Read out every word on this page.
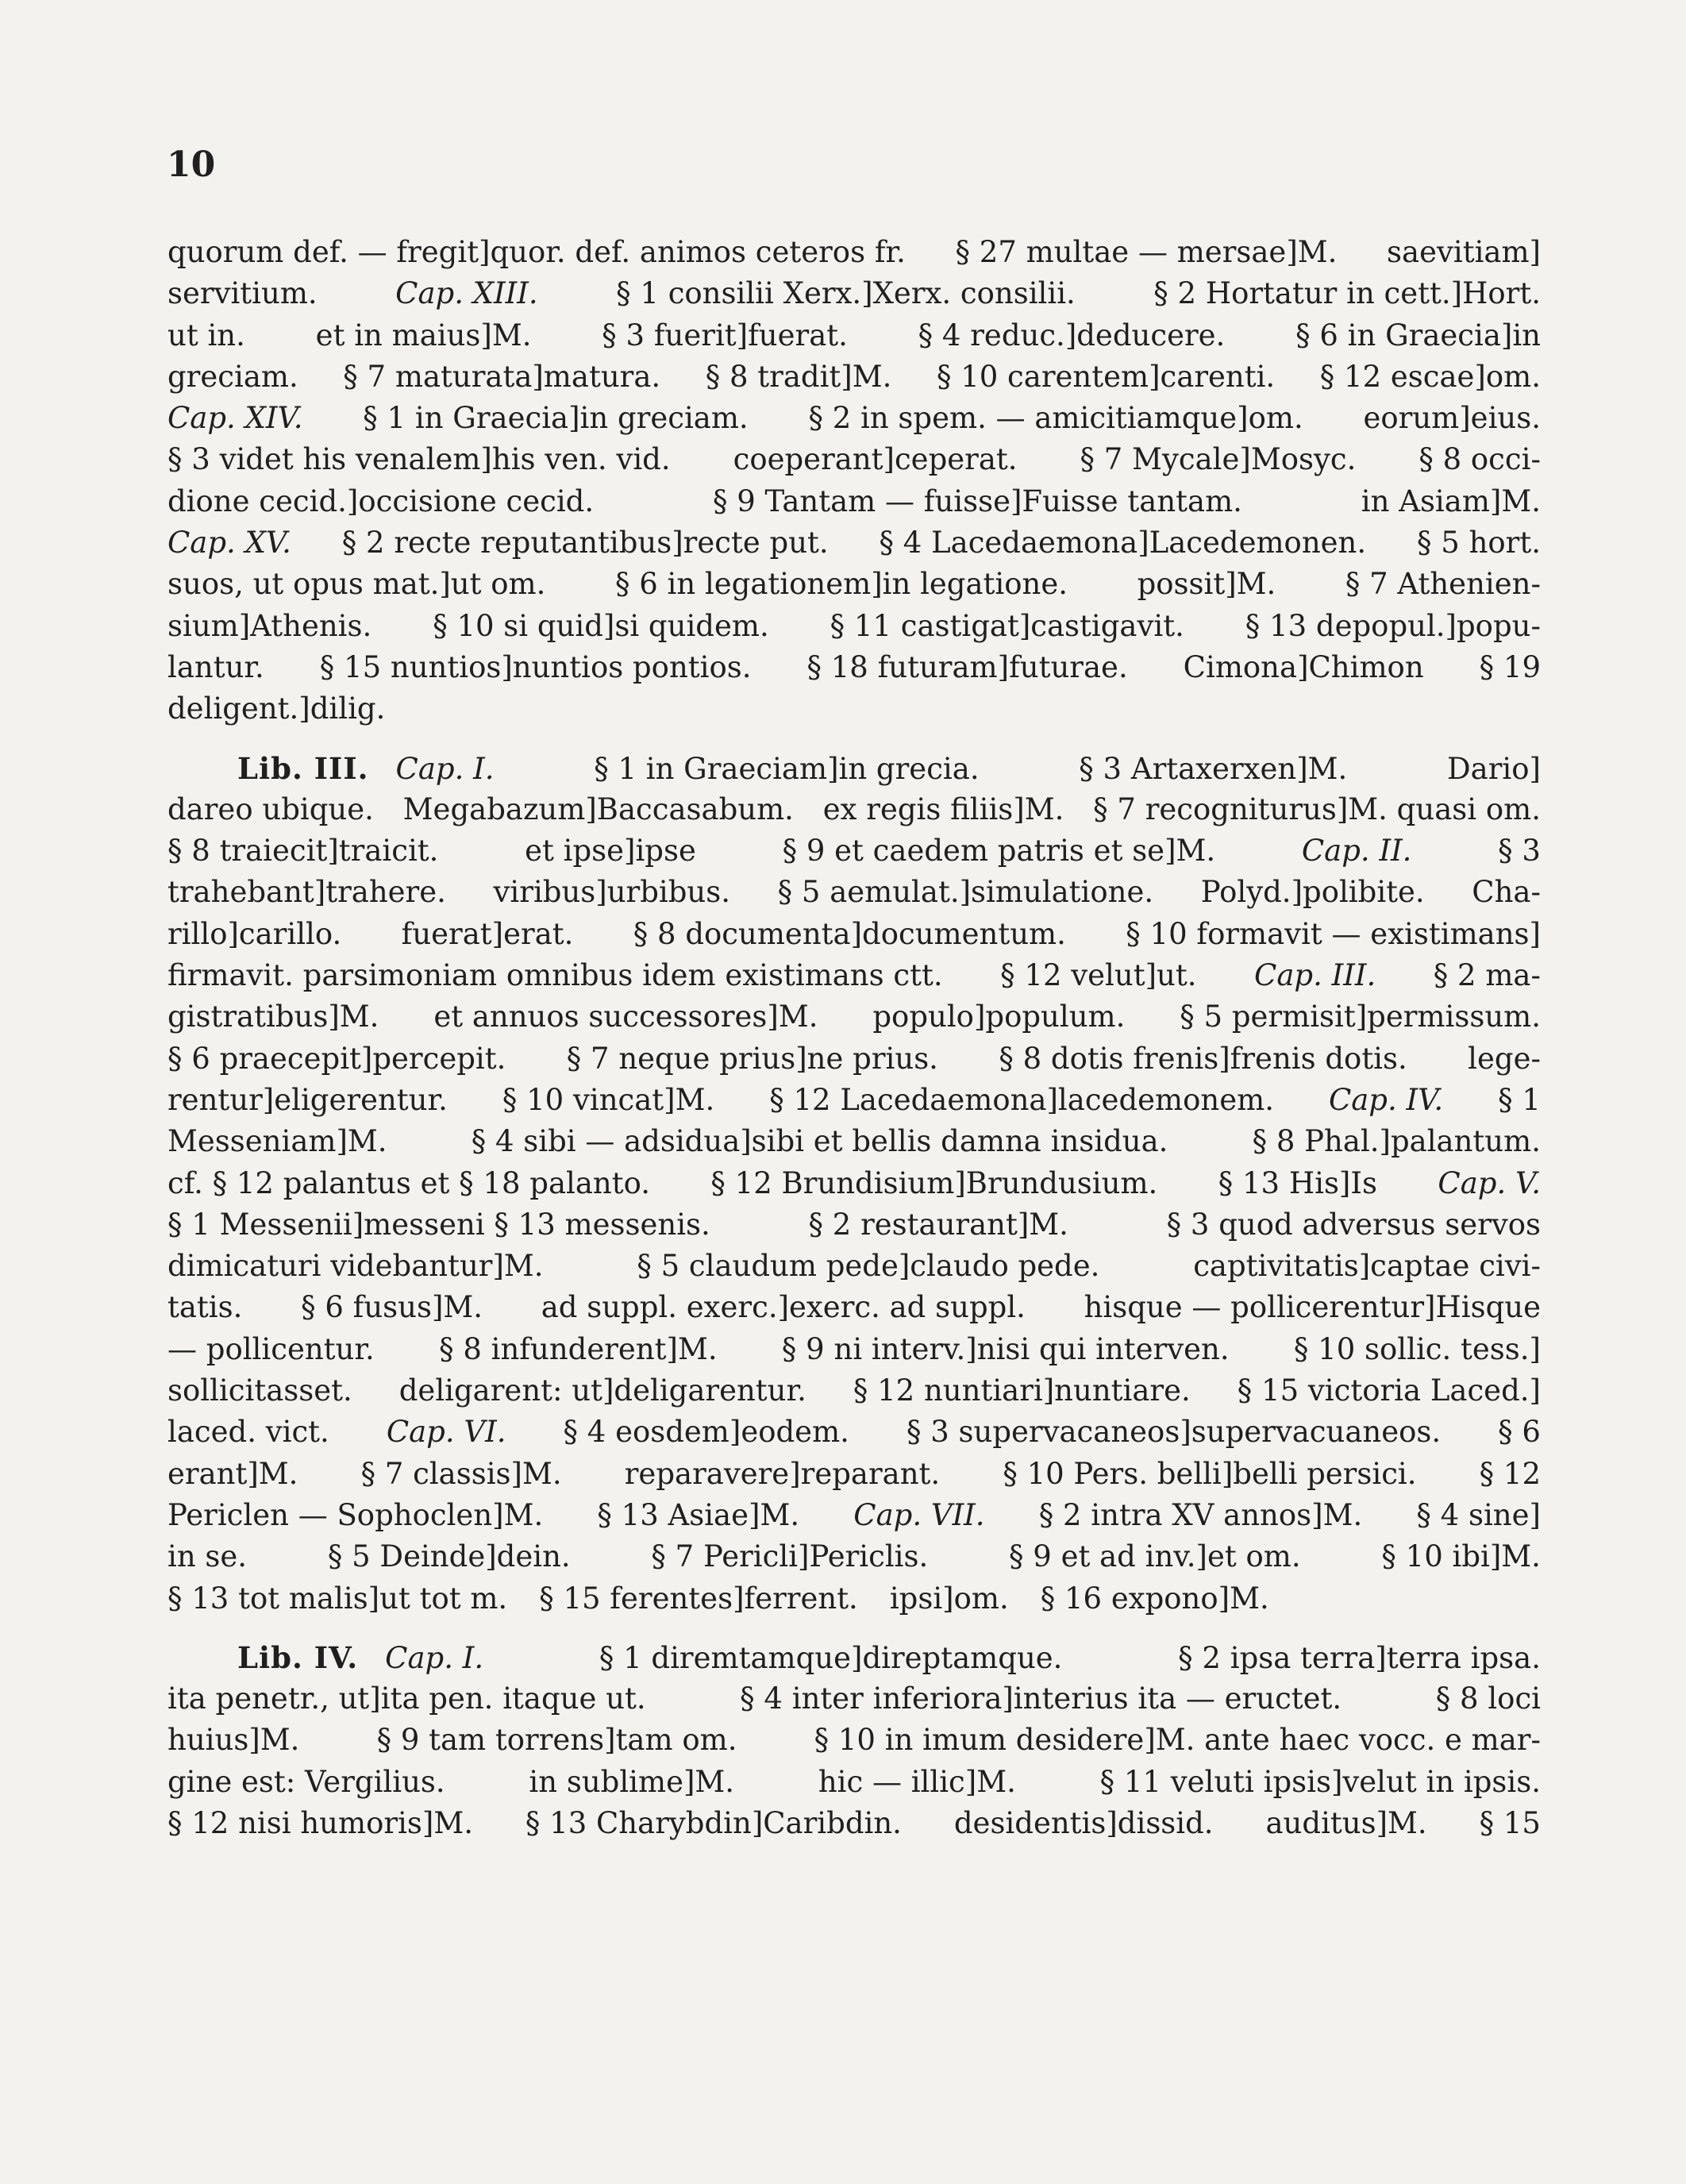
10
quorum def. — fregit]quor. def. animos ceteros fr. § 27 multae — mersae]M. saevitiam]
servitium.	Cap. XIII.	§ 1 consilii Xerx.]Xerx. consilii.	§ 2 Hortatur in cett.]Hort.
ut in. et in maius]M. § 3 fuerit]fuerat. § 4 reduc.]deducere. § 6 in Graecia]in
greciam. § 7 maturata]matura. § 8 tradit]M. § 10 carentem]carenti. § 12 escae]om.
Cap. XIV. § 1 in Graecia]in greciam. § 2 in spem. — amicitiamque]om. eorum]eius.
§ 3 videt his venalem]his ven. vid. coeperant]ceperat. § 7 Mycale]Mosyc. § 8 occi-
dione cecid.]occisione cecid.	§ 9 Tantam — fuisse]Fuisse tantam.	in Asiam]M.
Cap. XV. § 2 recte reputantibus]recte put. § 4 Lacedaemona]Lacedemonen. § 5 hort.
suos, ut opus mat.]ut om. § 6 in legationem]in legatione. possit]M. § 7 Athenien-
sium]Athenis. § 10 si quid]si quidem. § 11 castigat]castigavit. § 13 depopul.]popu-
lantur. § 15 nuntios]nuntios pontios. § 18 futuram]futurae. Cimona]Chimon § 19
deligent.]dilig.
Lib. III. Cap. I.	§ 1 in Graeciam]in grecia.	§ 3 Artaxerxen]M.	Dario]
dareo ubique. Megabazum]Baccasabum. ex regis filiis]M. § 7 recogniturus]M. quasi om.
§ 8 traiecit]traicit.	et ipse]ipse	§ 9 et caedem patris et se]M.	Cap. II.	§ 3
trahebant]trahere. viribus]urbibus. § 5 aemulat.]simulatione. Polyd.]polibite. Cha-
rillo]carillo. fuerat]erat. § 8 documenta]documentum. § 10 formavit — existimans]
firmavit. parsimoniam omnibus idem existimans ctt. § 12 velut]ut. Cap. III. § 2 ma-
gistratibus]M. et annuos successores]M. populo]populum. § 5 permisit]permissum.
§ 6 praecepit]percepit. § 7 neque prius]ne prius. § 8 dotis frenis]frenis dotis. lege-
rentur]eligerentur. § 10 vincat]M. § 12 Lacedaemona]lacedemonem. Cap. IV. § 1
Messeniam]M.	§ 4 sibi — adsidua]sibi et bellis damna insidua.	§ 8 Phal.]palantum.
cf. § 12 palantus et § 18 palanto. § 12 Brundisium]Brundusium. § 13 His]Is Cap. V.
§ 1 Messenii]messeni § 13 messenis.	§ 2 restaurant]M.	§ 3 quod adversus servos
dimicaturi videbantur]M.	§ 5 claudum pede]claudo pede.	captivitatis]captae civi-
tatis. § 6 fusus]M. ad suppl. exerc.]exerc. ad suppl. hisque — pollicerentur]Hisque
— pollicentur. § 8 infunderent]M. § 9 ni interv.]nisi qui interven. § 10 sollic. tess.]
sollicitasset. deligarent: ut]deligarentur. § 12 nuntiari]nuntiare. § 15 victoria Laced.]
laced. vict. Cap. VI. § 4 eosdem]eodem. § 3 supervacaneos]supervacuaneos. § 6
erant]M. § 7 classis]M. reparavere]reparant. § 10 Pers. belli]belli persici. § 12
Periclen — Sophoclen]M. § 13 Asiae]M. Cap. VII. § 2 intra XV annos]M. § 4 sine]
in se.	§ 5 Deinde]dein.	§ 7 Pericli]Periclis.	§ 9 et ad inv.]et om.	§ 10 ibi]M.
§ 13 tot malis]ut tot m. § 15 ferentes]ferrent. ipsi]om. § 16 expono]M.
Lib. IV. Cap. I.	§ 1 diremtamque]direptamque.	§ 2 ipsa terra]terra ipsa.
ita penetr., ut]ita pen. itaque ut.	§ 4 inter inferiora]interius ita — eructet.	§ 8 loci
huius]M.	§ 9 tam torrens]tam om.	§ 10 in imum desidere]M. ante haec vocc. e mar-
gine est: Vergilius.	in sublime]M.	hic — illic]M.	§ 11 veluti ipsis]velut in ipsis.
§ 12 nisi humoris]M. § 13 Charybdin]Caribdin. desidentis]dissid. auditus]M. § 15
